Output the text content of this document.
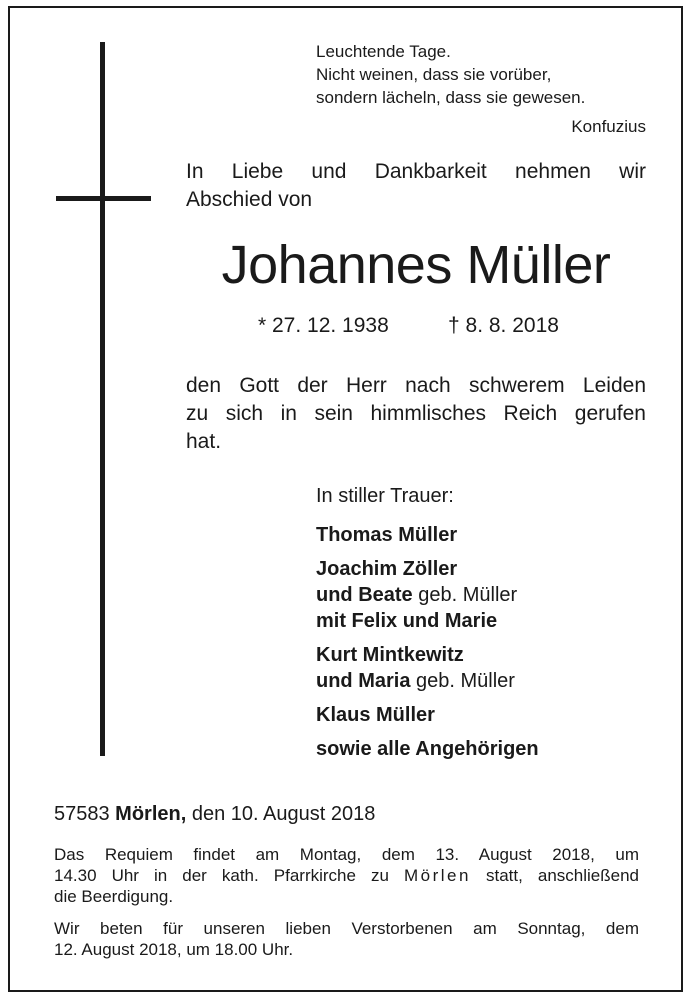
Leuchtende Tage.
Nicht weinen, dass sie vorüber,
sondern lächeln, dass sie gewesen.
Konfuzius
In Liebe und Dankbarkeit nehmen wir
Abschied von
Johannes Müller
* 27. 12. 1938	† 8. 8. 2018
den Gott der Herr nach schwerem Leiden
zu sich in sein himmlisches Reich gerufen
hat.
In stiller Trauer:
Thomas Müller
Joachim Zöller
und Beate geb. Müller
mit Felix und Marie
Kurt Mintkewitz
und Maria geb. Müller
Klaus Müller
sowie alle Angehörigen
57583 Mörlen, den 10. August 2018
Das Requiem findet am Montag, dem 13. August 2018, um
14.30 Uhr in der kath. Pfarrkirche zu Mörlen statt, anschließend
die Beerdigung.
Wir beten für unseren lieben Verstorbenen am Sonntag, dem
12. August 2018, um 18.00 Uhr.
